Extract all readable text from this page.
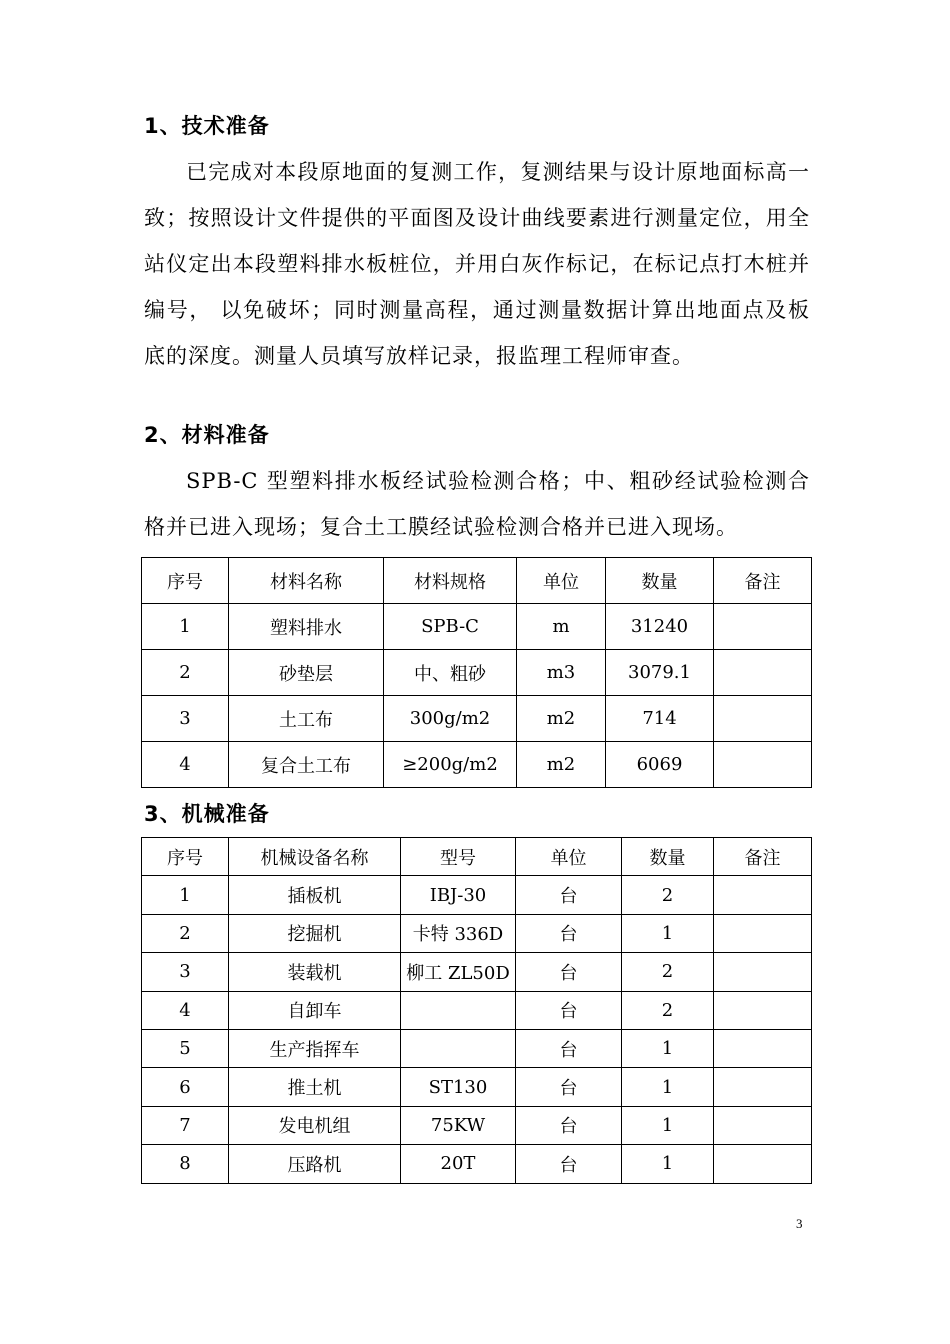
1、技术准备

已完成对本段原地面的复测工作，复测结果与设计原地面标高一致；按照设计文件提供的平面图及设计曲线要素进行测量定位，用全站仪定出本段塑料排水板桩位，并用白灰作标记，在标记点打木桩并编号， 以免破坏；同时测量高程，通过测量数据计算出地面点及板底的深度。测量人员填写放样记录，报监理工程师审查。

2、材料准备

SPB-C 型塑料排水板经试验检测合格；中、粗砂经试验检测合格并已进入现场；复合土工膜经试验检测合格并已进入现场。

序号	材料名称	材料规格	单位	数量	备注
1	塑料排水	SPB-C	m	31240	
2	砂垫层	中、粗砂	m3	3079.1	
3	土工布	300g/m2	m2	714	
4	复合土工布	≥200g/m2	m2	6069	
3、机械准备
序号	机械设备名称	型号	单位	数量	备注
1	插板机	IBJ-30	台	2	
2	挖掘机	卡特 336D	台	1	
3	装载机	柳工 ZL50D	台	2	
4	自卸车		台	2	
5	生产指挥车		台	1	
6	推土机	ST130	台	1	
7	发电机组	75KW	台	1	
8	压路机	20T	台	1	
3
